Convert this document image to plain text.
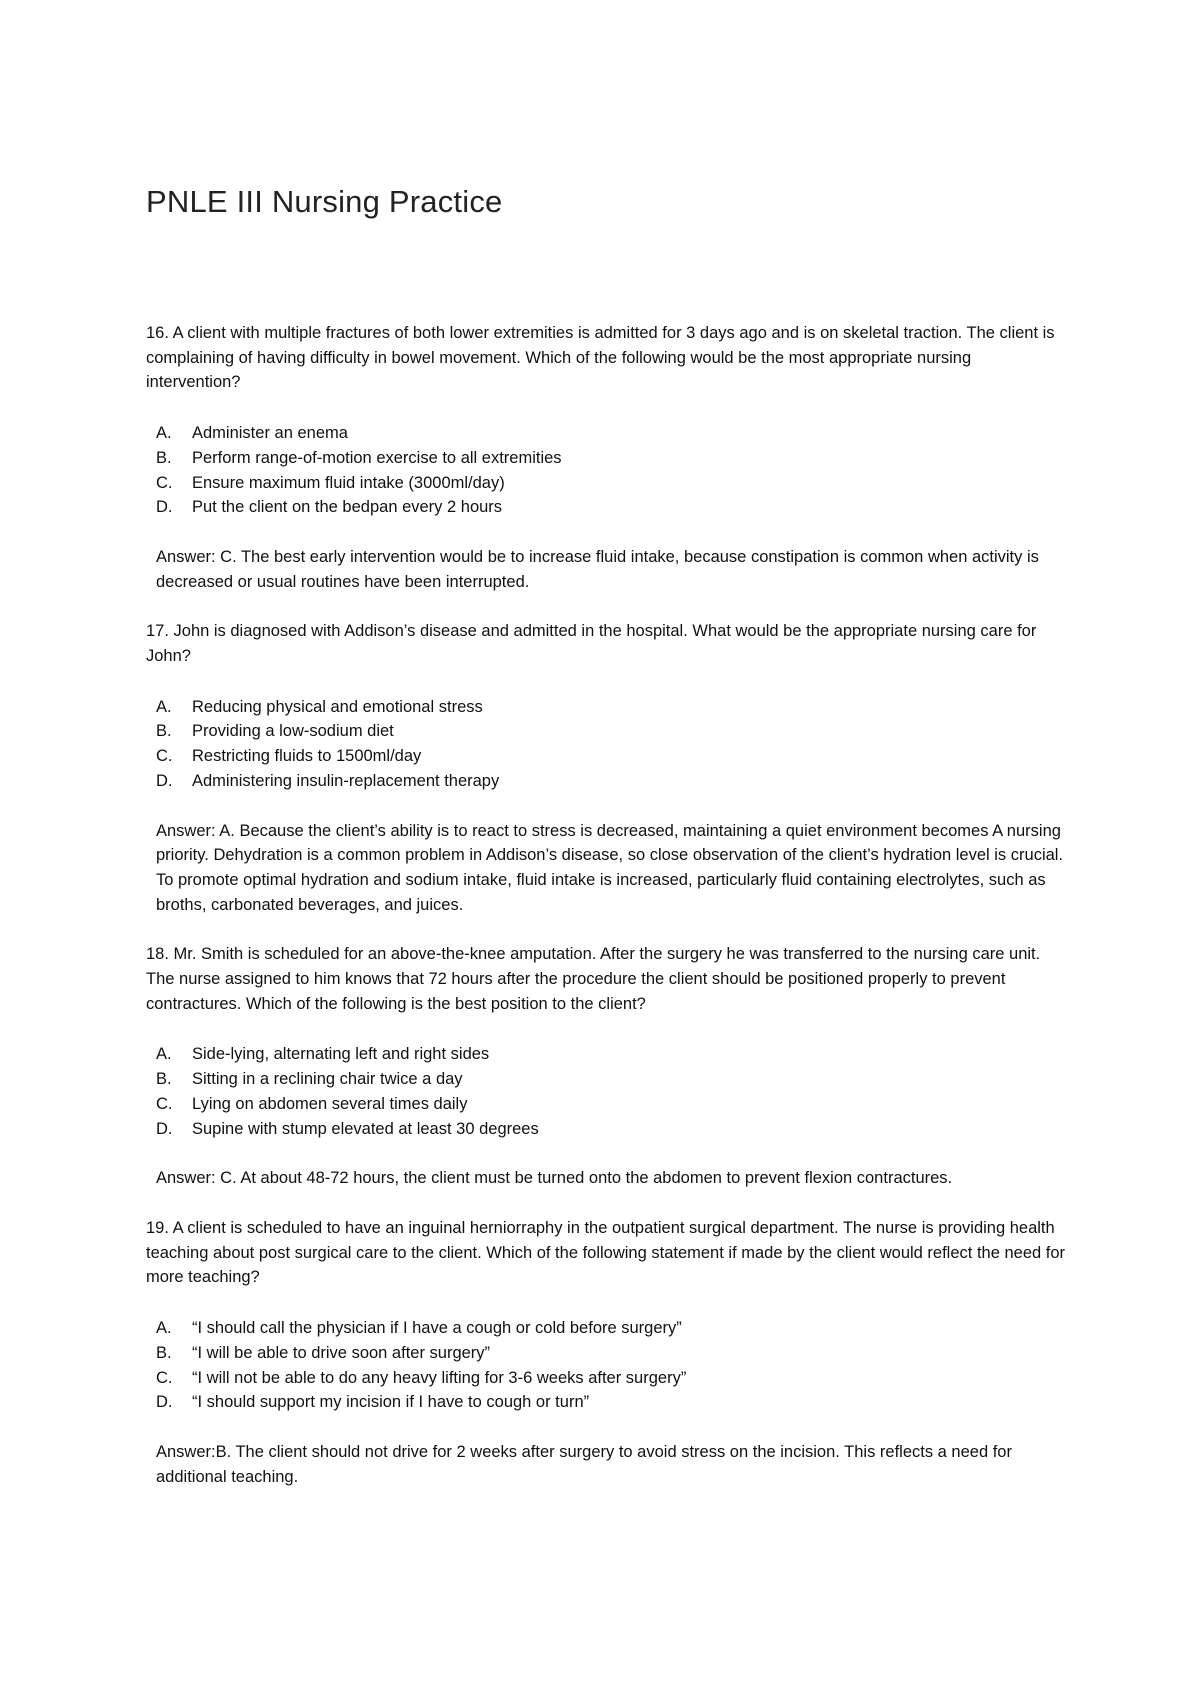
PNLE III Nursing Practice

16. A client with multiple fractures of both lower extremities is admitted for 3 days ago and is on skeletal traction. The client is complaining of having difficulty in bowel movement. Which of the following would be the most appropriate nursing intervention?

A. Administer an enema
B. Perform range-of-motion exercise to all extremities
C. Ensure maximum fluid intake (3000ml/day)
D. Put the client on the bedpan every 2 hours

Answer: C. The best early intervention would be to increase fluid intake, because constipation is common when activity is decreased or usual routines have been interrupted.

17. John is diagnosed with Addison’s disease and admitted in the hospital. What would be the appropriate nursing care for John?

A. Reducing physical and emotional stress
B. Providing a low-sodium diet
C. Restricting fluids to 1500ml/day
D. Administering insulin-replacement therapy

Answer: A. Because the client’s ability is to react to stress is decreased, maintaining a quiet environment becomes A nursing priority. Dehydration is a common problem in Addison’s disease, so close observation of the client’s hydration level is crucial. To promote optimal hydration and sodium intake, fluid intake is increased, particularly fluid containing electrolytes, such as broths, carbonated beverages, and juices.

18. Mr. Smith is scheduled for an above-the-knee amputation. After the surgery he was transferred to the nursing care unit. The nurse assigned to him knows that 72 hours after the procedure the client should be positioned properly to prevent contractures. Which of the following is the best position to the client?

A. Side-lying, alternating left and right sides
B. Sitting in a reclining chair twice a day
C. Lying on abdomen several times daily
D. Supine with stump elevated at least 30 degrees

Answer: C. At about 48-72 hours, the client must be turned onto the abdomen to prevent flexion contractures.

19. A client is scheduled to have an inguinal herniorraphy in the outpatient surgical department. The nurse is providing health teaching about post surgical care to the client. Which of the following statement if made by the client would reflect the need for more teaching?

A. “I should call the physician if I have a cough or cold before surgery”
B. “I will be able to drive soon after surgery”
C. “I will not be able to do any heavy lifting for 3-6 weeks after surgery”
D. “I should support my incision if I have to cough or turn”

Answer:B. The client should not drive for 2 weeks after surgery to avoid stress on the incision. This reflects a need for additional teaching.
